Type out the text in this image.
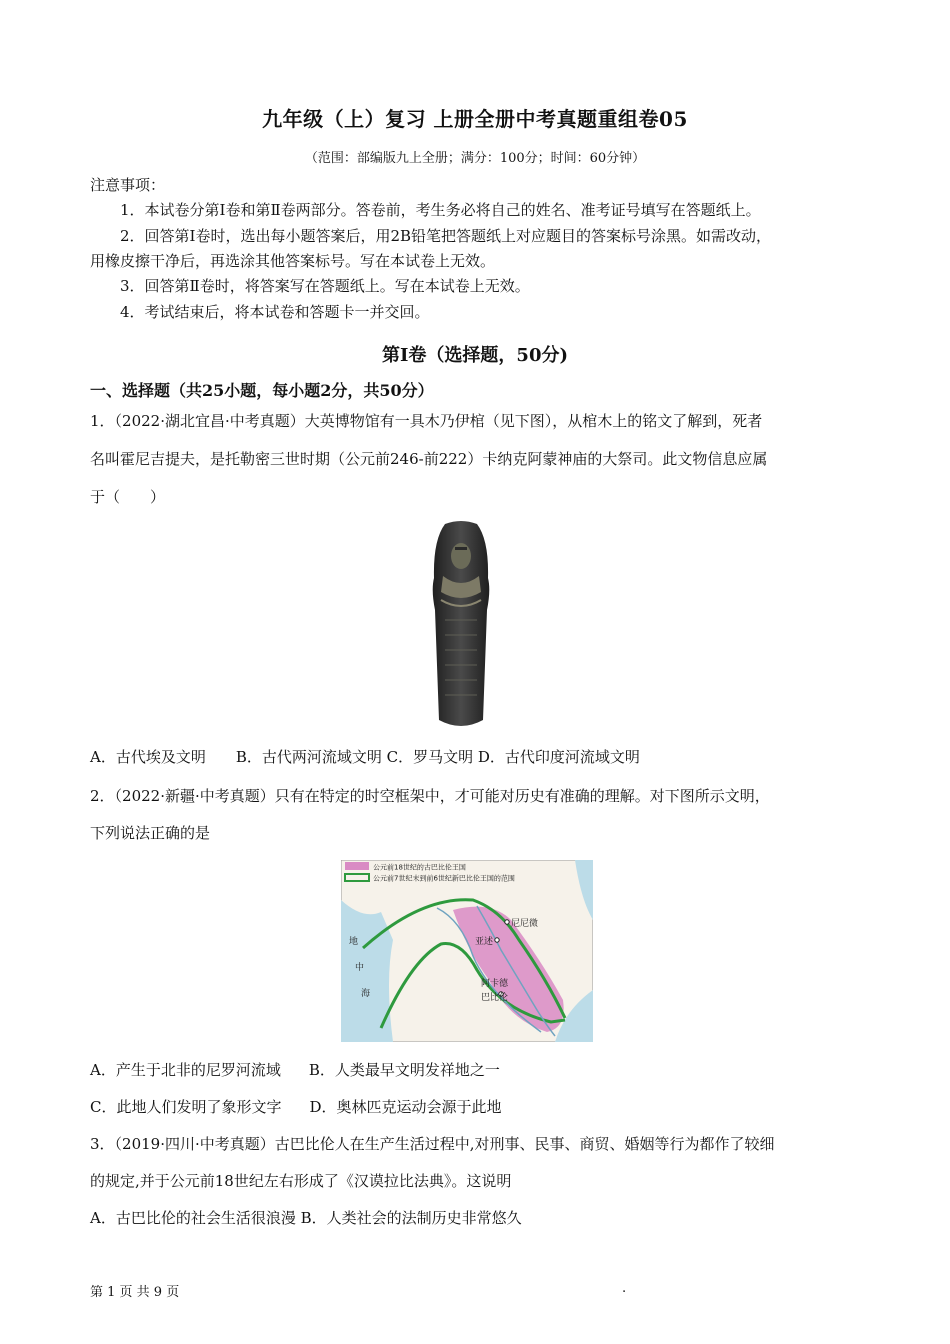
九年级（上）复习 上册全册中考真题重组卷05
（范围：部编版九上全册；满分：100分；时间：60分钟）
注意事项：
1．本试卷分第Ⅰ卷和第Ⅱ卷两部分。答卷前，考生务必将自己的姓名、准考证号填写在答题纸上。
2．回答第Ⅰ卷时，选出每小题答案后，用2B铅笔把答题纸上对应题目的答案标号涂黑。如需改动，
用橡皮擦干净后，再选涂其他答案标号。写在本试卷上无效。
3．回答第Ⅱ卷时，将答案写在答题纸上。写在本试卷上无效。
4．考试结束后，将本试卷和答题卡一并交回。
第Ⅰ卷（选择题，50分)
一、选择题（共25小题，每小题2分，共50分）
1．（2022·湖北宜昌·中考真题）大英博物馆有一具木乃伊棺（见下图），从棺木上的铭文了解到，死者
名叫霍尼吉提夫，是托勒密三世时期（公元前246-前222）卡纳克阿蒙神庙的大祭司。此文物信息应属
于（　　）
A．古代埃及文明　　B．古代两河流域文明 C．罗马文明 D．古代印度河流域文明
2．（2022·新疆·中考真题）只有在特定的时空框架中，才可能对历史有准确的理解。对下图所示文明，
下列说法正确的是
公元前18世纪的古巴比伦王国
公元前7世纪末到前6世纪新巴比伦王国的范围
尼尼微
亚述
阿卡德
巴比伦
地
中
海
A．产生于北非的尼罗河流域 B．人类最早文明发祥地之一
C．此地人们发明了象形文字 D．奥林匹克运动会源于此地
3．（2019·四川·中考真题）古巴比伦人在生产生活过程中,对刑事、民事、商贸、婚姻等行为都作了较细
的规定,并于公元前18世纪左右形成了《汉谟拉比法典》。这说明
A．古巴比伦的社会生活很浪漫 B．人类社会的法制历史非常悠久
第 1 页 共 9 页	.
